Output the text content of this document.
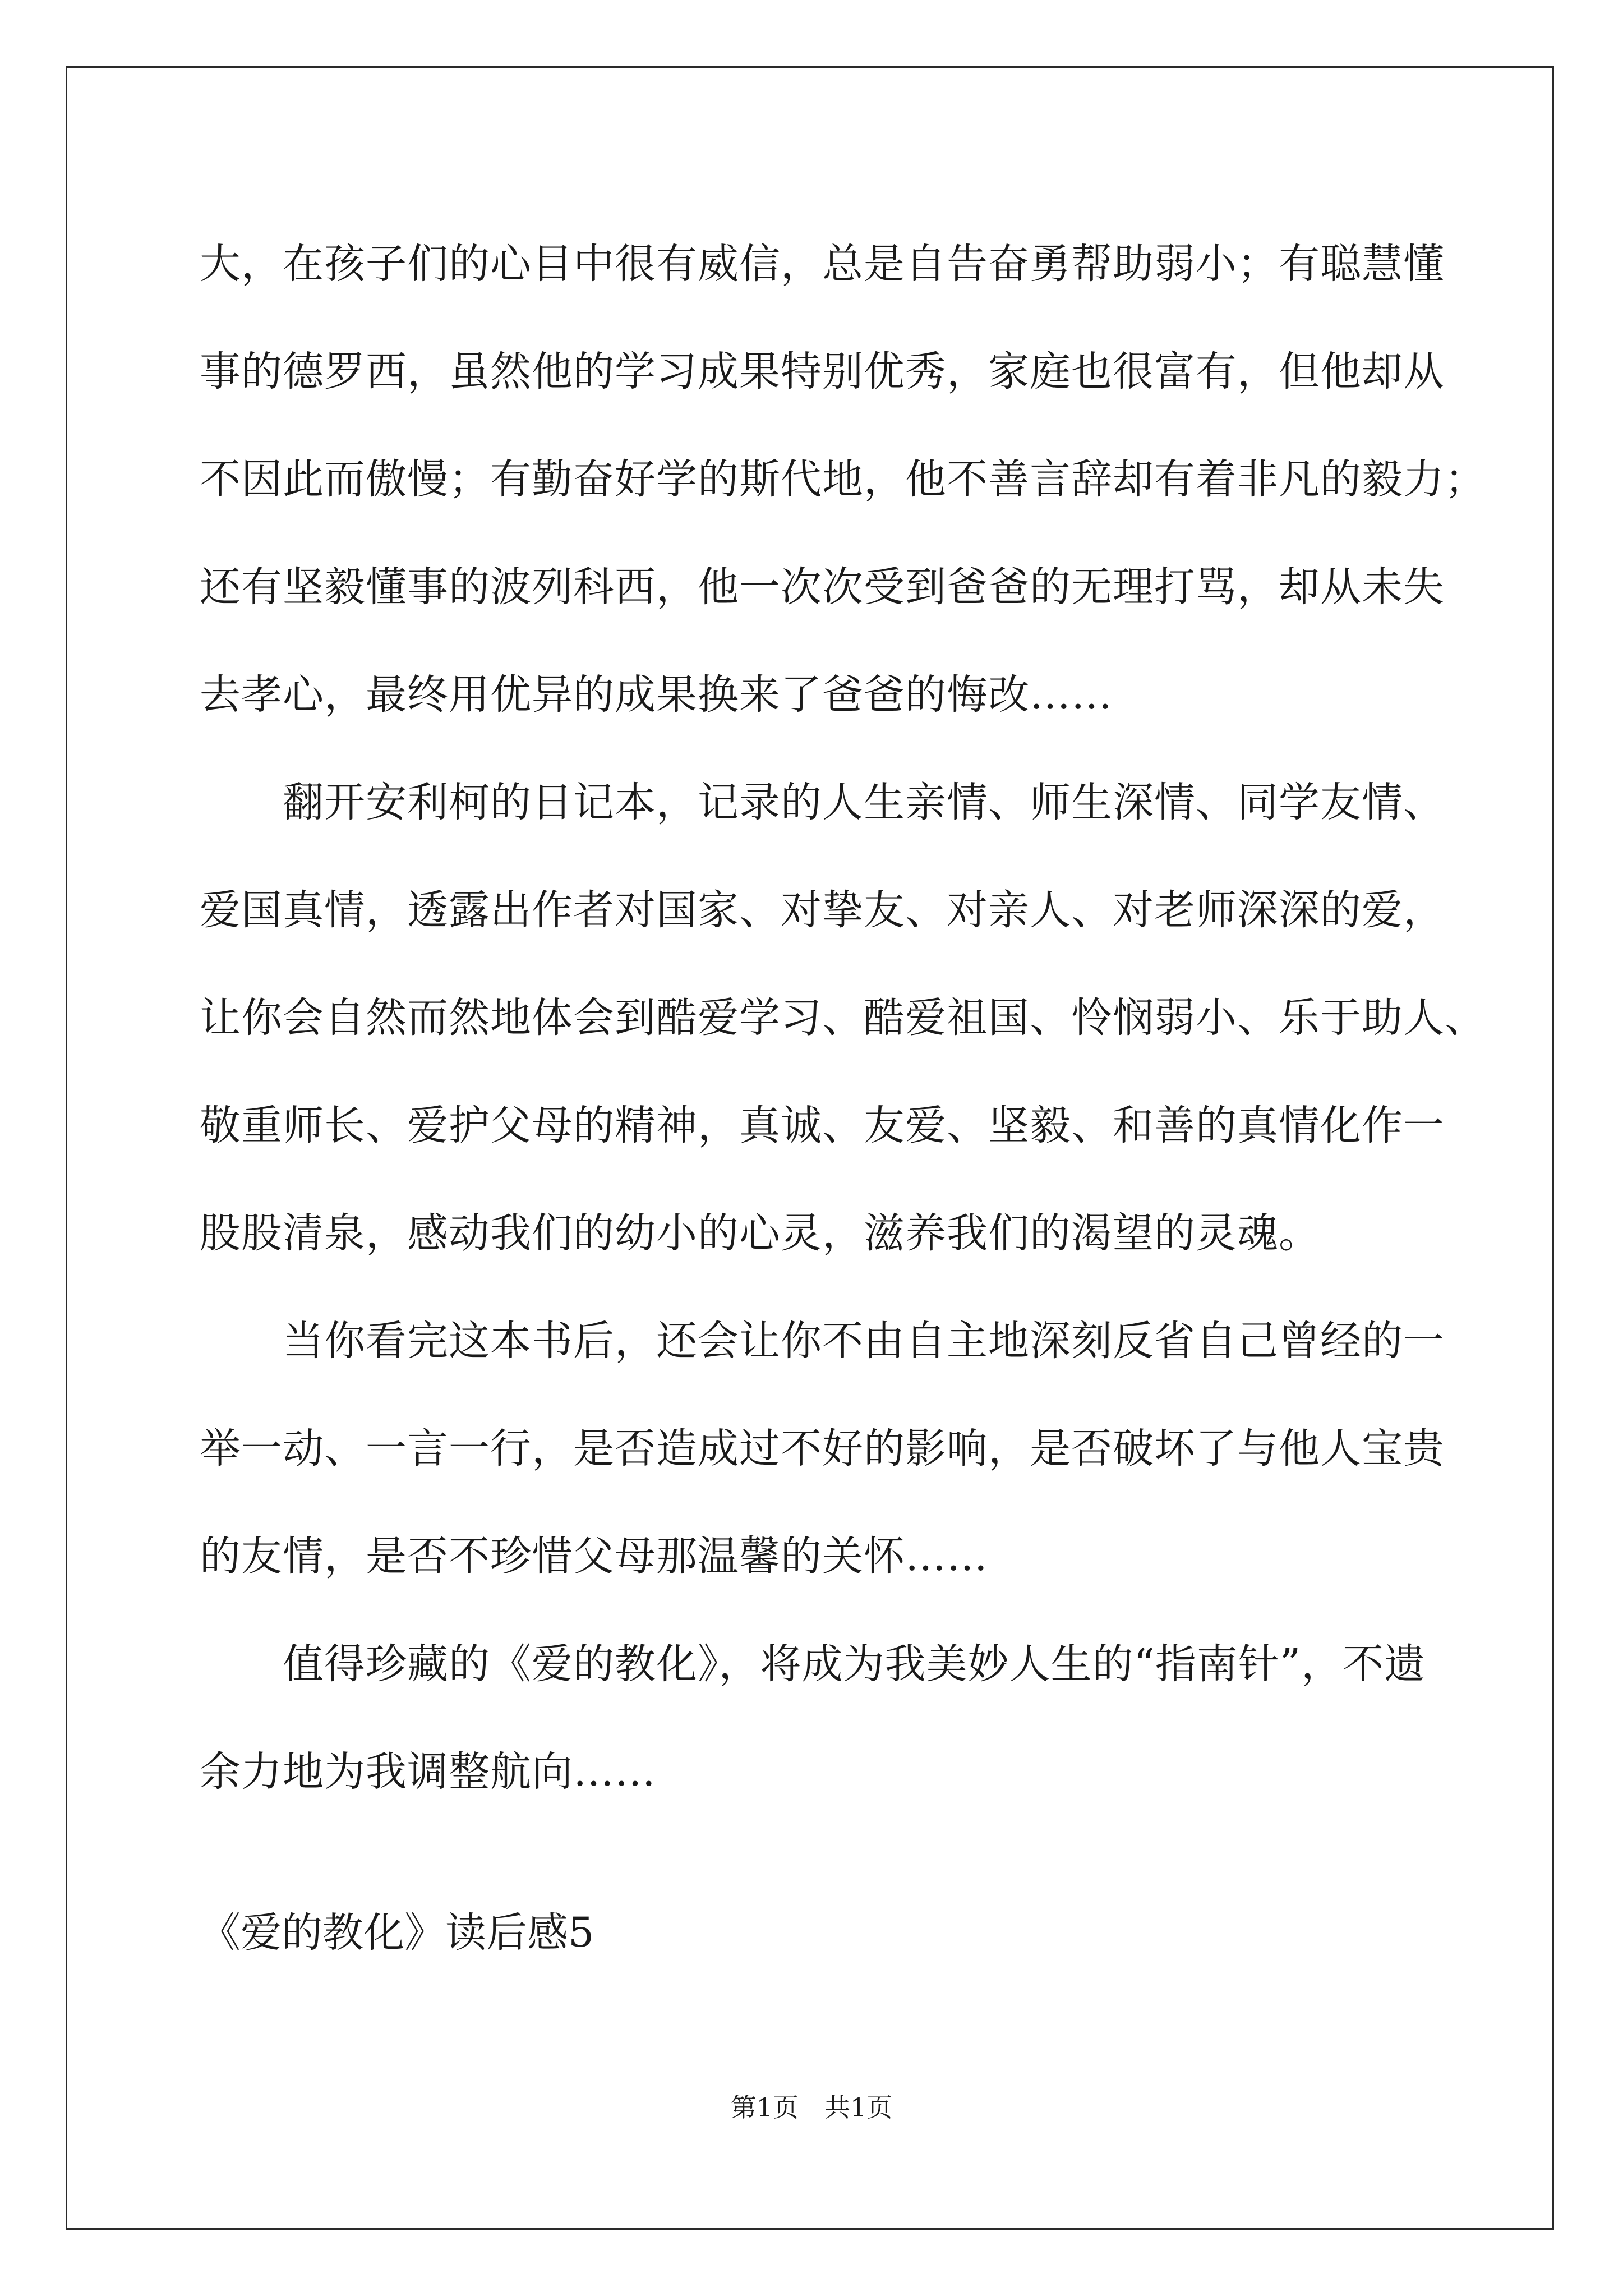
大，在孩子们的心目中很有威信，总是自告奋勇帮助弱小；有聪慧懂
事的德罗西，虽然他的学习成果特别优秀，家庭也很富有，但他却从
不因此而傲慢；有勤奋好学的斯代地，他不善言辞却有着非凡的毅力；
还有坚毅懂事的波列科西，他一次次受到爸爸的无理打骂，却从未失
去孝心，最终用优异的成果换来了爸爸的悔改……
翻开安利柯的日记本，记录的人生亲情、师生深情、同学友情、
爱国真情，透露出作者对国家、对挚友、对亲人、对老师深深的爱，
让你会自然而然地体会到酷爱学习、酷爱祖国、怜悯弱小、乐于助人、
敬重师长、爱护父母的精神，真诚、友爱、坚毅、和善的真情化作一
股股清泉，感动我们的幼小的心灵，滋养我们的渴望的灵魂。
当你看完这本书后，还会让你不由自主地深刻反省自己曾经的一
举一动、一言一行，是否造成过不好的影响，是否破坏了与他人宝贵
的友情，是否不珍惜父母那温馨的关怀……
值得珍藏的《爱的教化》，将成为我美妙人生的“指南针”，不遗
余力地为我调整航向……
《爱的教化》读后感5
第1页　共1页
